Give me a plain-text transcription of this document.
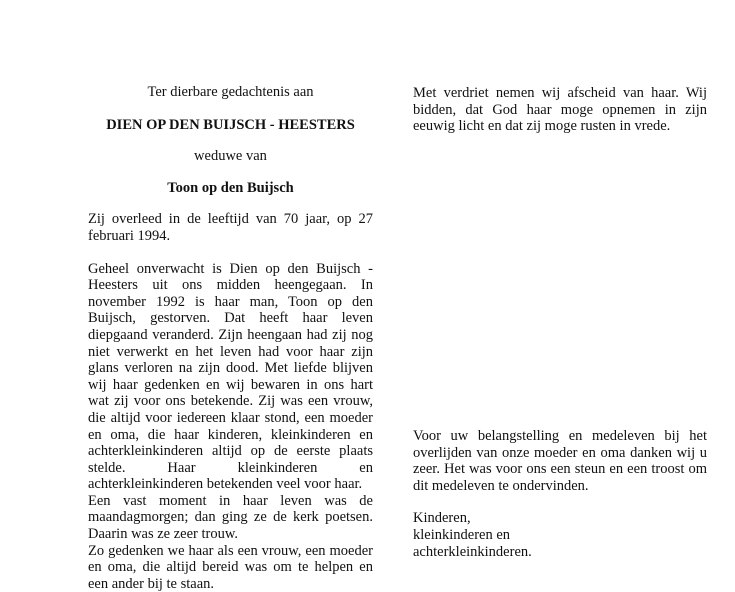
Ter dierbare gedachtenis aan

DIEN OP DEN BUIJSCH - HEESTERS

weduwe van

Toon op den Buijsch

Zij overleed in de leeftijd van 70 jaar, op 27 februari 1994.

Geheel onverwacht is Dien op den Buijsch - Heesters uit ons midden heengegaan. In november 1992 is haar man, Toon op den Buijsch, gestorven. Dat heeft haar leven diepgaand veranderd. Zijn heengaan had zij nog niet verwerkt en het leven had voor haar zijn glans verloren na zijn dood. Met liefde blijven wij haar gedenken en wij bewaren in ons hart wat zij voor ons betekende. Zij was een vrouw, die altijd voor iedereen klaar stond, een moeder en oma, die haar kinderen, kleinkinderen en achterkleinkinderen altijd op de eerste plaats stelde. Haar kleinkinderen en achterkleinkinderen betekenden veel voor haar.

Een vast moment in haar leven was de maandagmorgen; dan ging ze de kerk poetsen. Daarin was ze zeer trouw.

Zo gedenken we haar als een vrouw, een moeder en oma, die altijd bereid was om te helpen en een ander bij te staan.

Met verdriet nemen wij afscheid van haar. Wij bidden, dat God haar moge opnemen in zijn eeuwig licht en dat zij moge rusten in vrede.

Voor uw belangstelling en medeleven bij het overlijden van onze moeder en oma danken wij u zeer. Het was voor ons een steun en een troost om dit medeleven te ondervinden.

Kinderen,
kleinkinderen en
achterkleinkinderen.
